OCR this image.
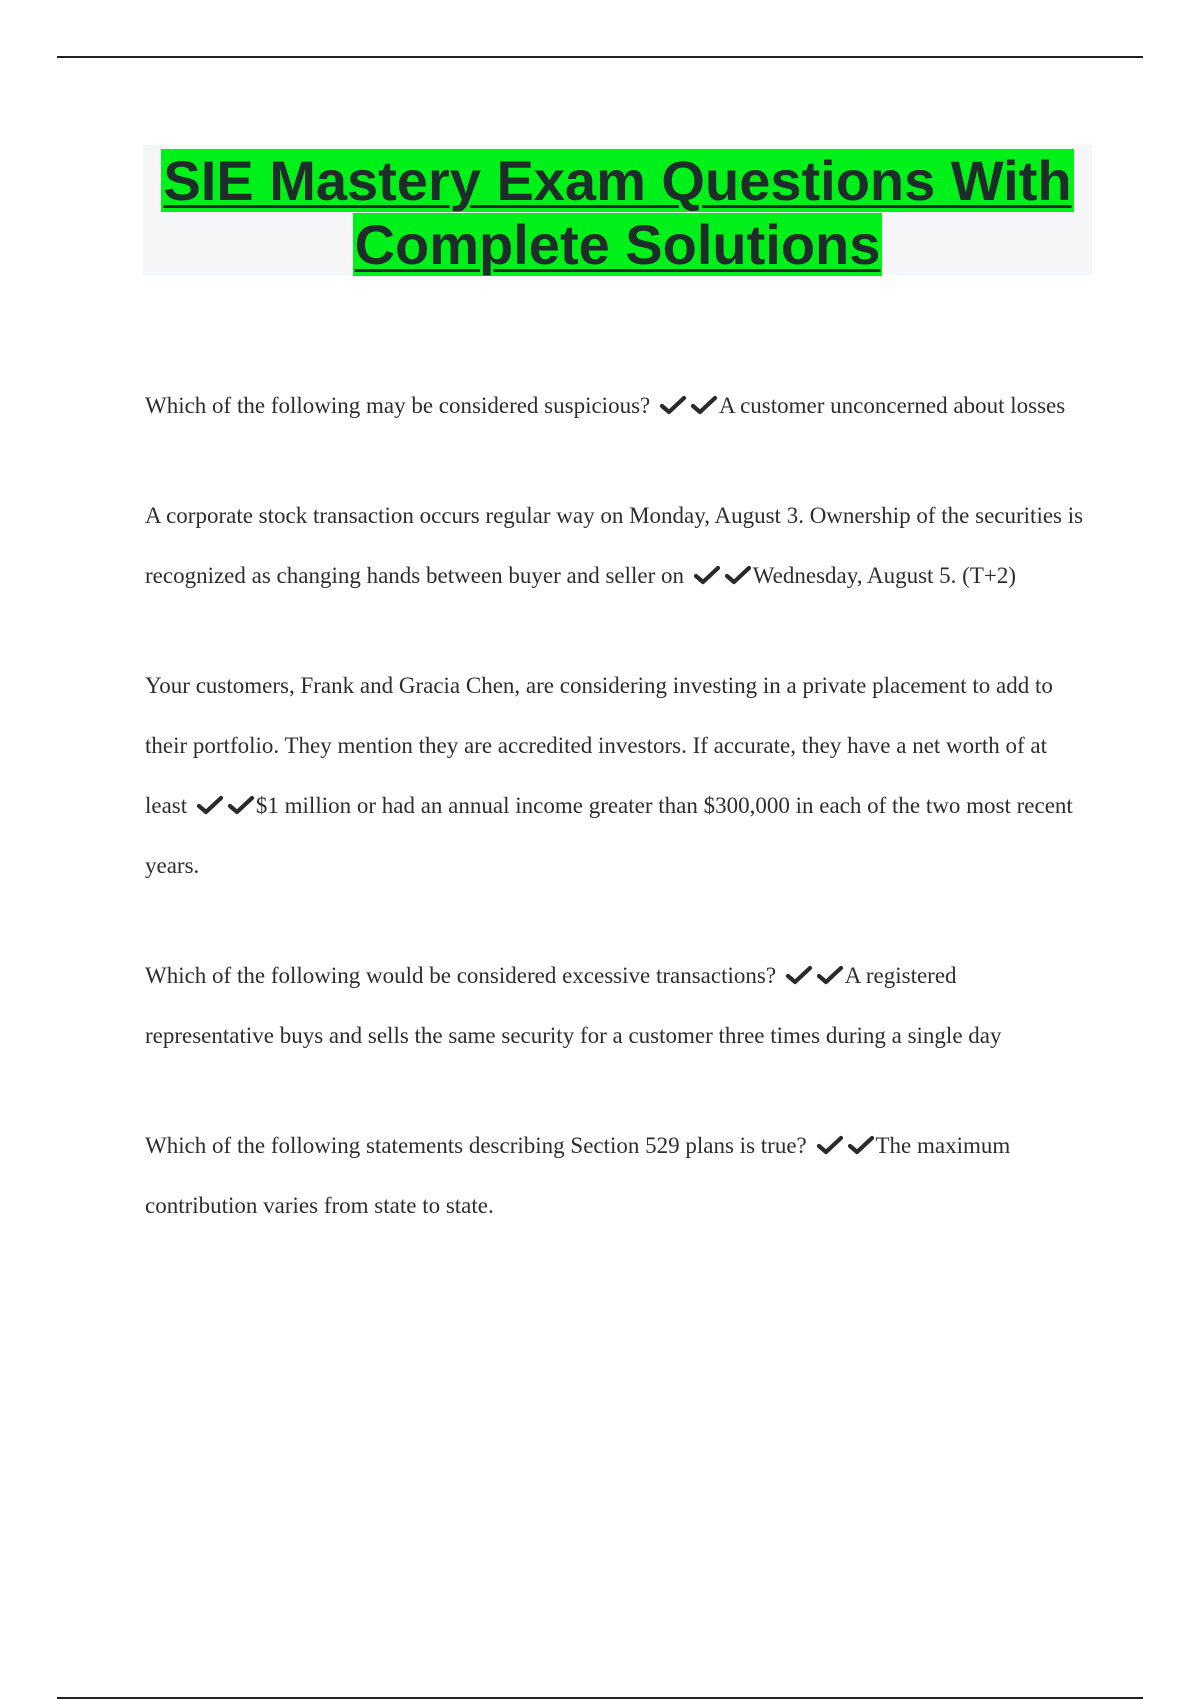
SIE Mastery Exam Questions With
Complete Solutions

Which of the following may be considered suspicious?	A customer unconcerned about losses

A corporate stock transaction occurs regular way on Monday, August 3. Ownership of the securities is recognized as changing hands between buyer and seller on	Wednesday, August 5. (T+2)

Your customers, Frank and Gracia Chen, are considering investing in a private placement to add to their portfolio. They mention they are accredited investors. If accurate, they have a net worth of at least	$1 million or had an annual income greater than $300,000 in each of the two most recent years.

Which of the following would be considered excessive transactions?	A registered representative buys and sells the same security for a customer three times during a single day

Which of the following statements describing Section 529 plans is true?	The maximum contribution varies from state to state.
